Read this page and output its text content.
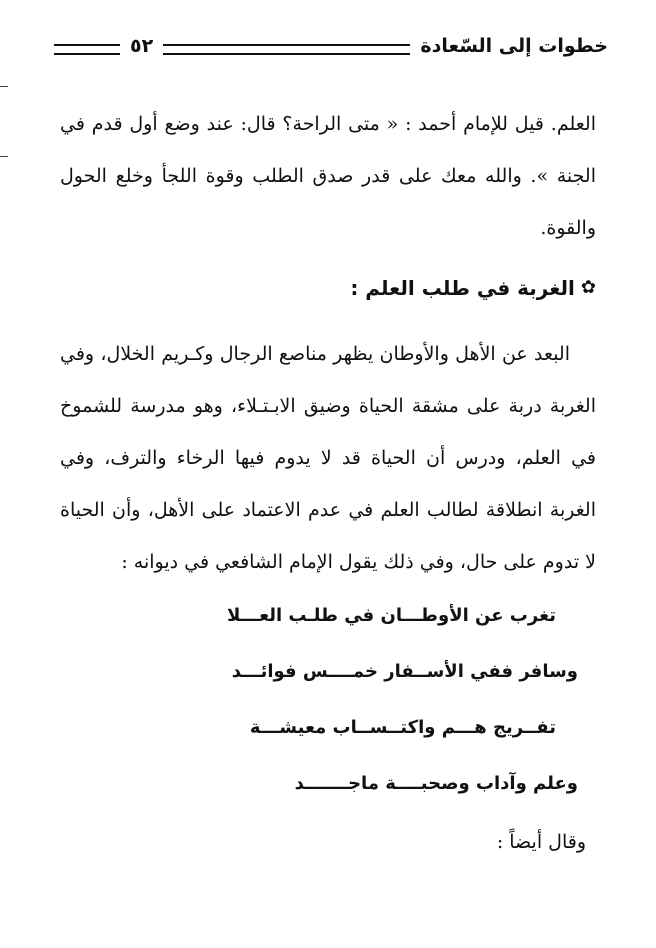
خطوات إلى السّعادة
٥٢

العلم. قيل للإمام أحمد : « متى الراحة؟ قال: عند وضع أول قدم في الجنة ». والله معك على قدر صدق الطلب وقوة اللجأ وخلع الحول والقوة.

✿
الغربة في طلب العلم :

البعد عن الأهل والأوطان يظهر مناصع الرجال وكـريم الخلال، وفي الغربة دربة على مشقة الحياة وضيق الابـتـلاء، وهو مدرسة للشموخ في العلم، ودرس أن الحياة قد لا يدوم فيها الرخاء والترف، وفي الغربة انطلاقة لطالب العلم في عدم الاعتماد على الأهل، وأن الحياة لا تدوم على حال، وفي ذلك يقول الإمام الشافعي في ديوانه :

تغرب عن الأوطـــان في طلـب العـــلا
وسافر ففي الأســفار خمــــس فوائـــد
تفــريج هـــم واكتــســاب معيشـــة
وعلم وآداب وصحبــــة ماجـــــــد
وقال أيضاً :
